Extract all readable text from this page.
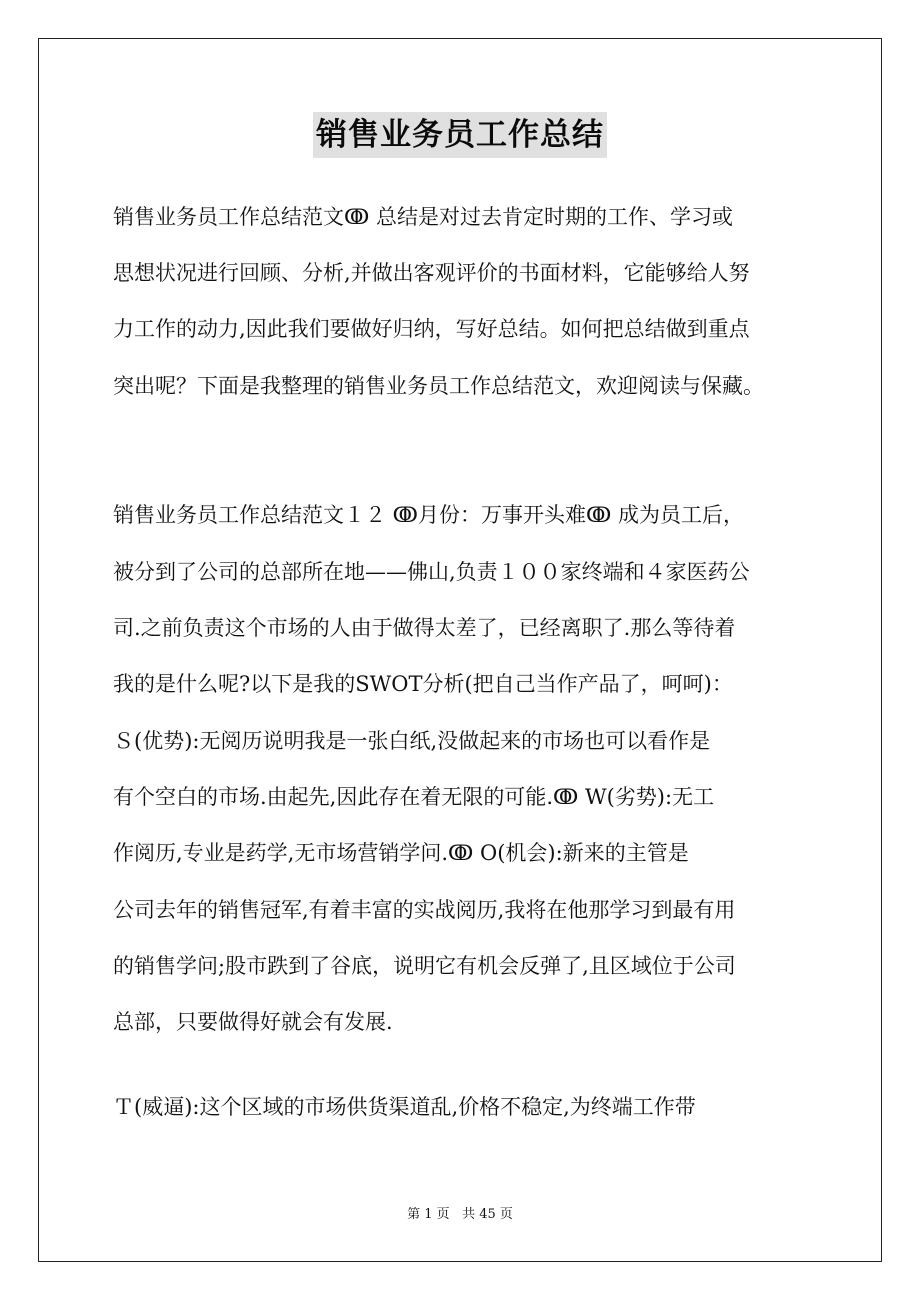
销售业务员工作总结
销售业务员工作总结范文ↂ 总结是对过去肯定时期的工作、学习或
思想状况进行回顾、分析,并做出客观评价的书面材料，它能够给人努
力工作的动力,因此我们要做好归纳，写好总结。如何把总结做到重点
突出呢？下面是我整理的销售业务员工作总结范文，欢迎阅读与保藏。
销售业务员工作总结范文１２ ↂ月份：万事开头难ↂ 成为员工后，
被分到了公司的总部所在地——佛山,负责１００家终端和４家医药公
司.之前负责这个市场的人由于做得太差了，已经离职了.那么等待着
我的是什么呢?以下是我的SWOT分析(把自己当作产品了，呵呵)：
Ｓ(优势):无阅历说明我是一张白纸,没做起来的市场也可以看作是
有个空白的市场.由起先,因此存在着无限的可能.ↂ W(劣势):无工
作阅历,专业是药学,无市场营销学问.ↂ O(机会):新来的主管是
公司去年的销售冠军,有着丰富的实战阅历,我将在他那学习到最有用
的销售学问;股市跌到了谷底，说明它有机会反弹了,且区域位于公司
总部，只要做得好就会有发展.
Ｔ(威逼):这个区域的市场供货渠道乱,价格不稳定,为终端工作带
第 1 页 共 45 页
